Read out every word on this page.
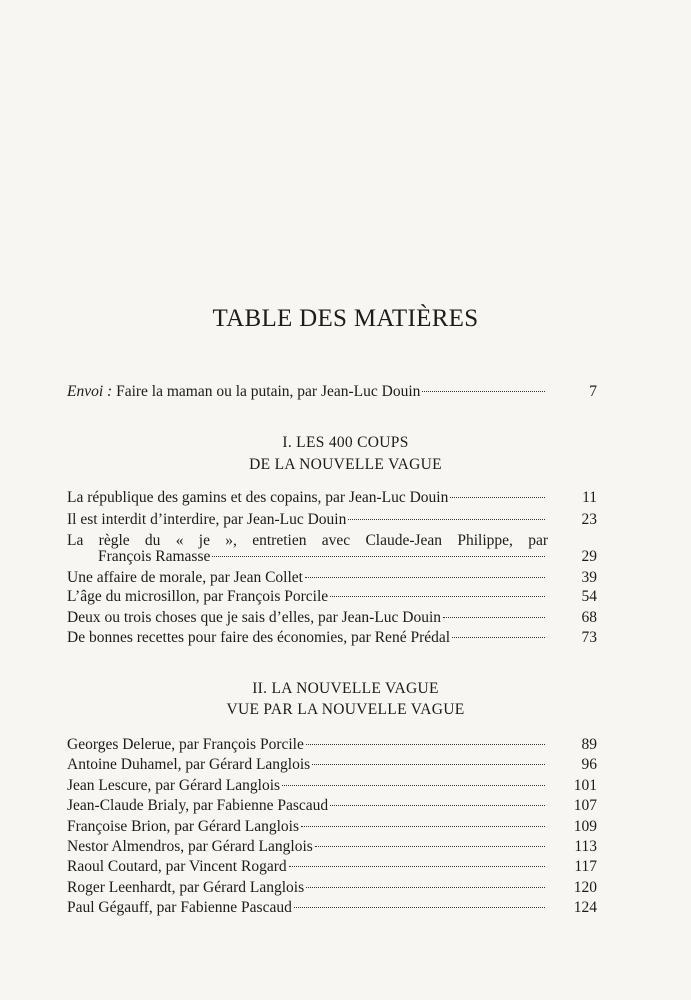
TABLE DES MATIÈRES
Envoi : Faire la maman ou la putain, par Jean-Luc Douin	7
I. LES 400 COUPS
DE LA NOUVELLE VAGUE
La république des gamins et des copains, par Jean-Luc Douin	11
Il est interdit d’interdire, par Jean-Luc Douin	23
La règle du « je », entretien avec Claude-Jean Philippe, par
François Ramasse	29
Une affaire de morale, par Jean Collet	39
L’âge du microsillon, par François Porcile	54
Deux ou trois choses que je sais d’elles, par Jean-Luc Douin	68
De bonnes recettes pour faire des économies, par René Prédal	73
II. LA NOUVELLE VAGUE
VUE PAR LA NOUVELLE VAGUE
Georges Delerue, par François Porcile	89
Antoine Duhamel, par Gérard Langlois	96
Jean Lescure, par Gérard Langlois	101
Jean-Claude Brialy, par Fabienne Pascaud	107
Françoise Brion, par Gérard Langlois	109
Nestor Almendros, par Gérard Langlois	113
Raoul Coutard, par Vincent Rogard	117
Roger Leenhardt, par Gérard Langlois	120
Paul Gégauff, par Fabienne Pascaud	124
